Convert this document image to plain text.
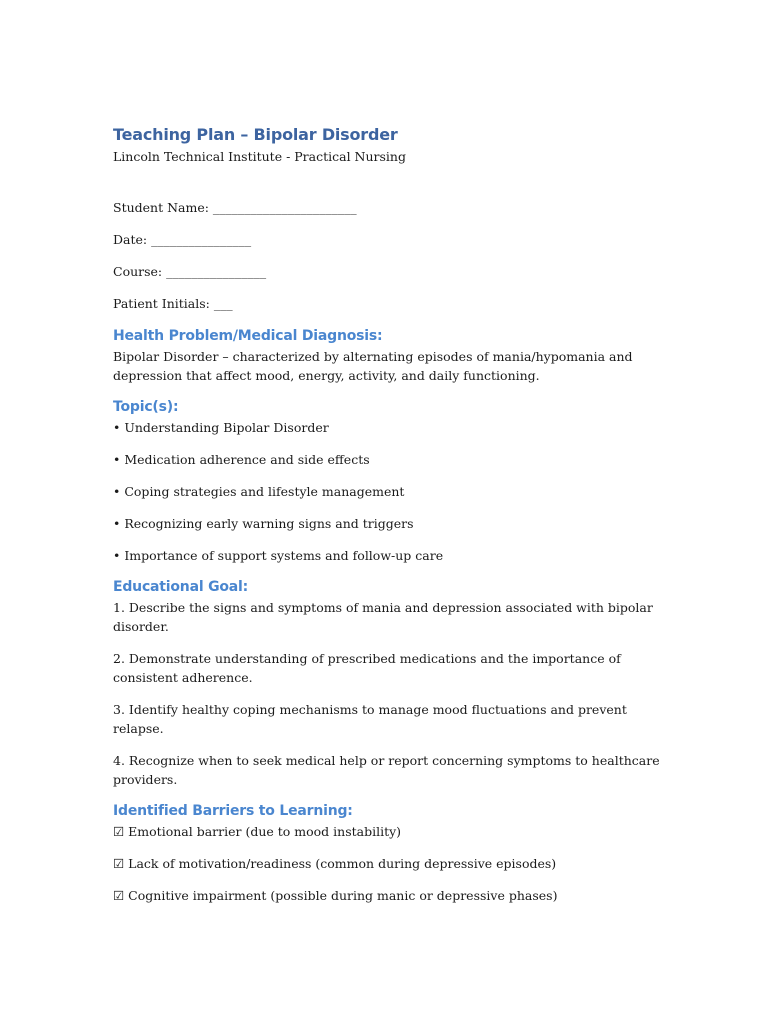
Teaching Plan – Bipolar Disorder

Lincoln Technical Institute - Practical Nursing

Student Name: _______________________

Date: ________________

Course: ________________

Patient Initials: ___

Health Problem/Medical Diagnosis:

Bipolar Disorder – characterized by alternating episodes of mania/hypomania and depression that affect mood, energy, activity, and daily functioning.

Topic(s):

• Understanding Bipolar Disorder

• Medication adherence and side effects

• Coping strategies and lifestyle management

• Recognizing early warning signs and triggers

• Importance of support systems and follow-up care

Educational Goal:

1. Describe the signs and symptoms of mania and depression associated with bipolar disorder.

2. Demonstrate understanding of prescribed medications and the importance of consistent adherence.

3. Identify healthy coping mechanisms to manage mood fluctuations and prevent relapse.

4. Recognize when to seek medical help or report concerning symptoms to healthcare providers.

Identified Barriers to Learning:

☑ Emotional barrier (due to mood instability)

☑ Lack of motivation/readiness (common during depressive episodes)

☑ Cognitive impairment (possible during manic or depressive phases)
